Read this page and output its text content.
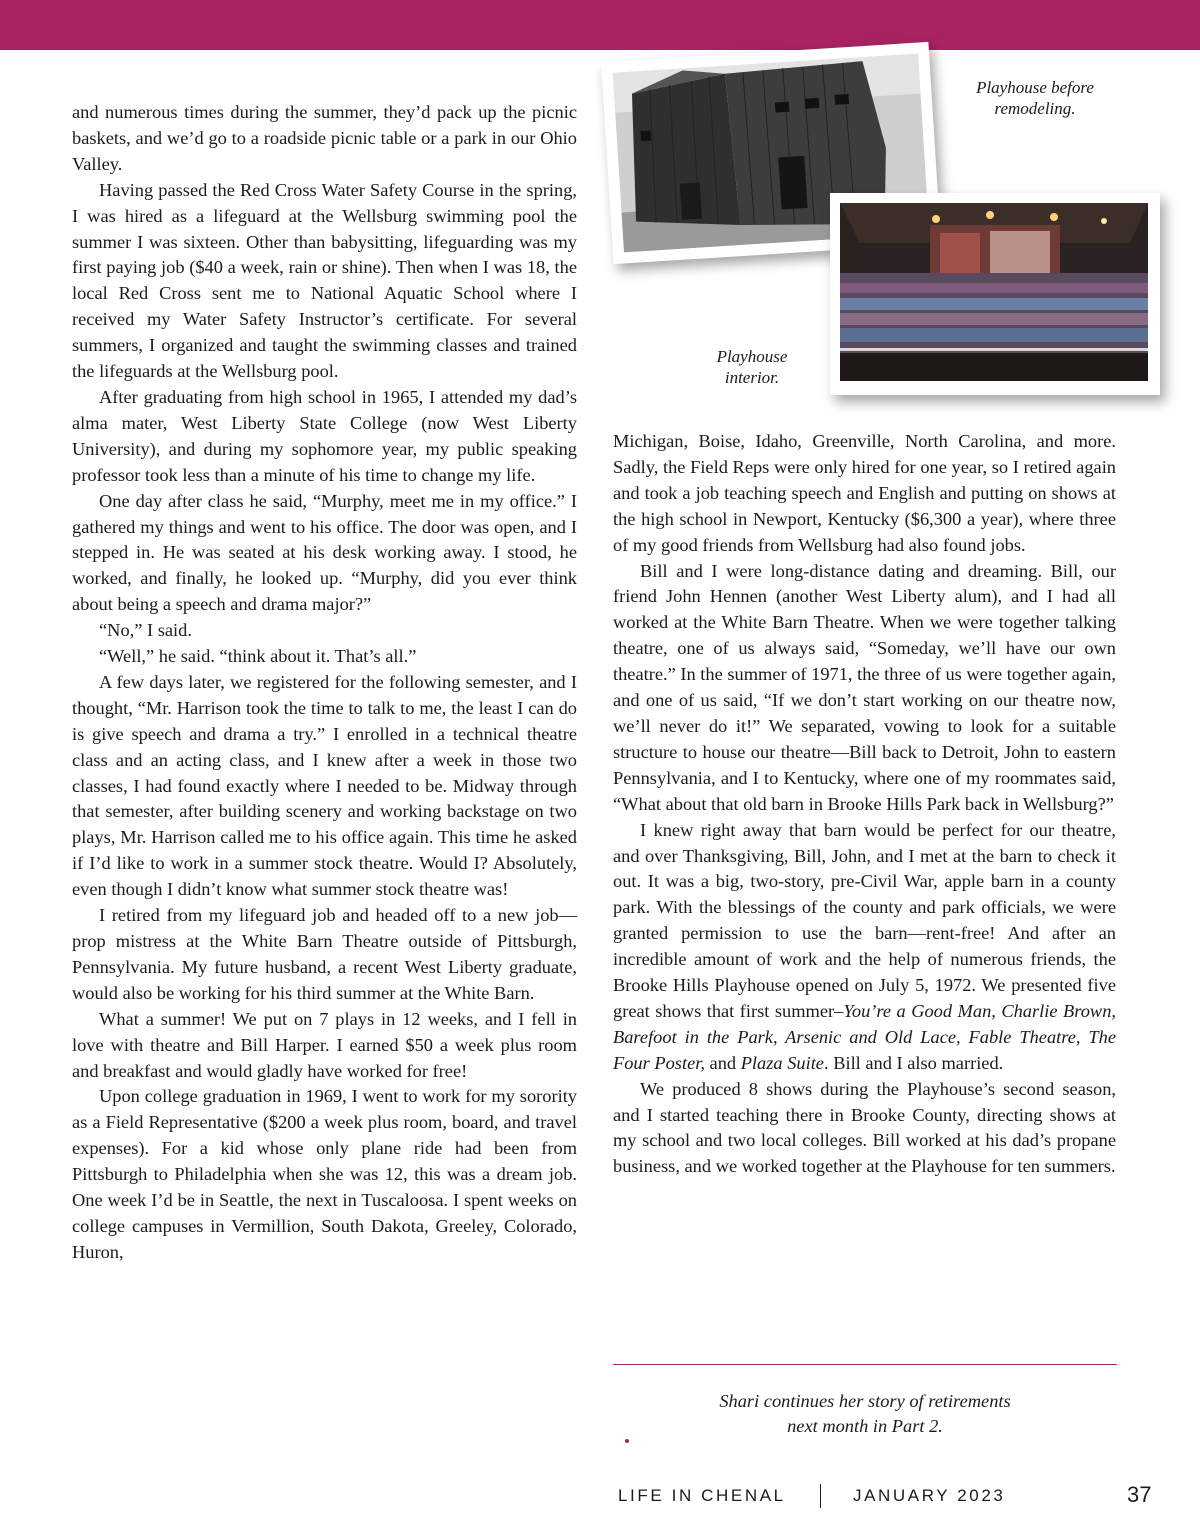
Playhouse before
remodeling.
Playhouse
interior.

and numerous times during the summer, they’d pack up the picnic baskets, and we’d go to a roadside picnic table or a park in our Ohio Valley.

Having passed the Red Cross Water Safety Course in the spring, I was hired as a lifeguard at the Wellsburg swimming pool the summer I was sixteen. Other than babysitting, lifeguarding was my first paying job ($40 a week, rain or shine). Then when I was 18, the local Red Cross sent me to National Aquatic School where I received my Water Safety Instructor’s certificate. For several summers, I organized and taught the swimming classes and trained the lifeguards at the Wellsburg pool.

After graduating from high school in 1965, I attended my dad’s alma mater, West Liberty State College (now West Liberty University), and during my sophomore year, my public speaking professor took less than a minute of his time to change my life.

One day after class he said, “Murphy, meet me in my office.” I gathered my things and went to his office. The door was open, and I stepped in. He was seated at his desk working away. I stood, he worked, and finally, he looked up. “Murphy, did you ever think about being a speech and drama major?”

“No,” I said.

“Well,” he said. “think about it. That’s all.”

A few days later, we registered for the following semester, and I thought, “Mr. Harrison took the time to talk to me, the least I can do is give speech and drama a try.” I enrolled in a technical theatre class and an acting class, and I knew after a week in those two classes, I had found exactly where I needed to be. Midway through that semester, after building scenery and working backstage on two plays, Mr. Harrison called me to his office again. This time he asked if I’d like to work in a summer stock theatre. Would I? Absolutely, even though I didn’t know what summer stock theatre was!

I retired from my lifeguard job and headed off to a new job—prop mistress at the White Barn Theatre outside of Pittsburgh, Pennsylvania. My future husband, a recent West Liberty graduate, would also be working for his third summer at the White Barn.

What a summer! We put on 7 plays in 12 weeks, and I fell in love with theatre and Bill Harper. I earned $50 a week plus room and breakfast and would gladly have worked for free!

Upon college graduation in 1969, I went to work for my sorority as a Field Representative ($200 a week plus room, board, and travel expenses). For a kid whose only plane ride had been from Pittsburgh to Philadelphia when she was 12, this was a dream job. One week I’d be in Seattle, the next in Tuscaloosa. I spent weeks on college campuses in Vermillion, South Dakota, Greeley, Colorado, Huron,

Michigan, Boise, Idaho, Greenville, North Carolina, and more. Sadly, the Field Reps were only hired for one year, so I retired again and took a job teaching speech and English and putting on shows at the high school in Newport, Kentucky ($6,300 a year), where three of my good friends from Wellsburg had also found jobs.

Bill and I were long-distance dating and dreaming. Bill, our friend John Hennen (another West Liberty alum), and I had all worked at the White Barn Theatre. When we were together talking theatre, one of us always said, “Someday, we’ll have our own theatre.” In the summer of 1971, the three of us were together again, and one of us said, “If we don’t start working on our theatre now, we’ll never do it!” We separated, vowing to look for a suitable structure to house our theatre—Bill back to Detroit, John to eastern Pennsylvania, and I to Kentucky, where one of my roommates said, “What about that old barn in Brooke Hills Park back in Wellsburg?”

I knew right away that barn would be perfect for our theatre, and over Thanksgiving, Bill, John, and I met at the barn to check it out. It was a big, two-story, pre-Civil War, apple barn in a county park. With the blessings of the county and park officials, we were granted permission to use the barn—rent-free! And after an incredible amount of work and the help of numerous friends, the Brooke Hills Playhouse opened on July 5, 1972. We presented five great shows that first summer–You’re a Good Man, Charlie Brown, Barefoot in the Park, Arsenic and Old Lace, Fable Theatre, The Four Poster, and Plaza Suite. Bill and I also married.

We produced 8 shows during the Playhouse’s second season, and I started teaching there in Brooke County, directing shows at my school and two local colleges. Bill worked at his dad’s propane business, and we worked together at the Playhouse for ten summers.

Shari continues her story of retirements
next month in Part 2.
LIFE IN CHENAL	JANUARY 2023	37
